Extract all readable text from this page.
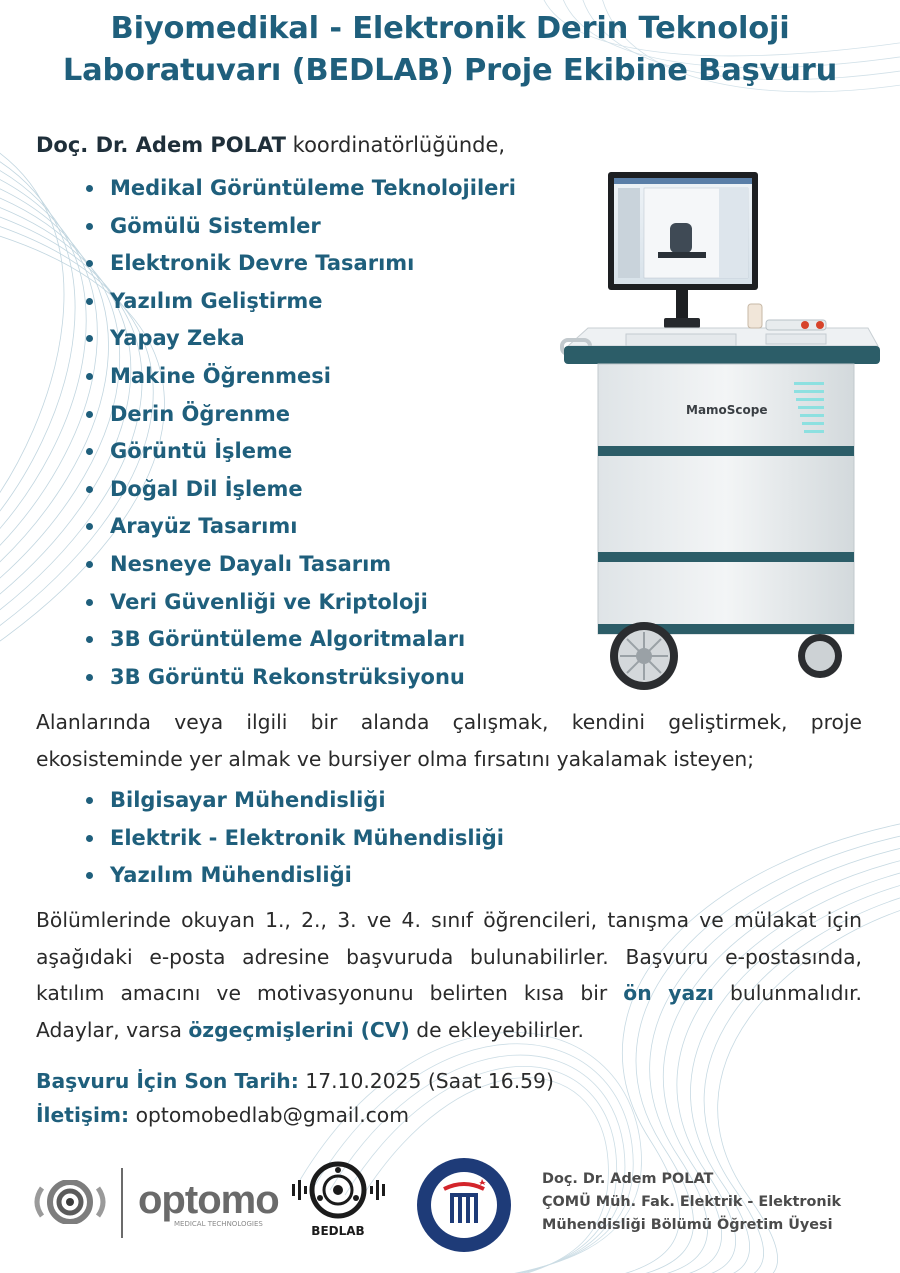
Biyomedikal - Elektronik Derin Teknoloji
Laboratuvarı (BEDLAB) Proje Ekibine Başvuru
Doç. Dr. Adem POLAT koordinatörlüğünde,
Medikal Görüntüleme Teknolojileri
Gömülü Sistemler
Elektronik Devre Tasarımı
Yazılım Geliştirme
Yapay Zeka
Makine Öğrenmesi
Derin Öğrenme
Görüntü İşleme
Doğal Dil İşleme
Arayüz Tasarımı
Nesneye Dayalı Tasarım
Veri Güvenliği ve Kriptoloji
3B Görüntüleme Algoritmaları
3B Görüntü Rekonstrüksiyonu
MamoScope
Alanlarında veya ilgili bir alanda çalışmak, kendini geliştirmek, proje ekosisteminde yer almak ve bursiyer olma fırsatını yakalamak isteyen;
Bilgisayar Mühendisliği
Elektrik - Elektronik Mühendisliği
Yazılım Mühendisliği
Bölümlerinde okuyan 1., 2., 3. ve 4. sınıf öğrencileri, tanışma ve mülakat için aşağıdaki e-posta adresine başvuruda bulunabilirler. Başvuru e-postasında, katılım amacını ve motivasyonunu belirten kısa bir ön yazı bulunmalıdır. Adaylar, varsa özgeçmişlerini (CV) de ekleyebilirler.
Başvuru İçin Son Tarih: 17.10.2025 (Saat 16.59)
İletişim: optomobedlab@gmail.com
optomo
MEDICAL TECHNOLOGIES	BEDLAB
Doç. Dr. Adem POLAT
ÇOMÜ Müh. Fak. Elektrik - Elektronik
Mühendisliği Bölümü Öğretim Üyesi
